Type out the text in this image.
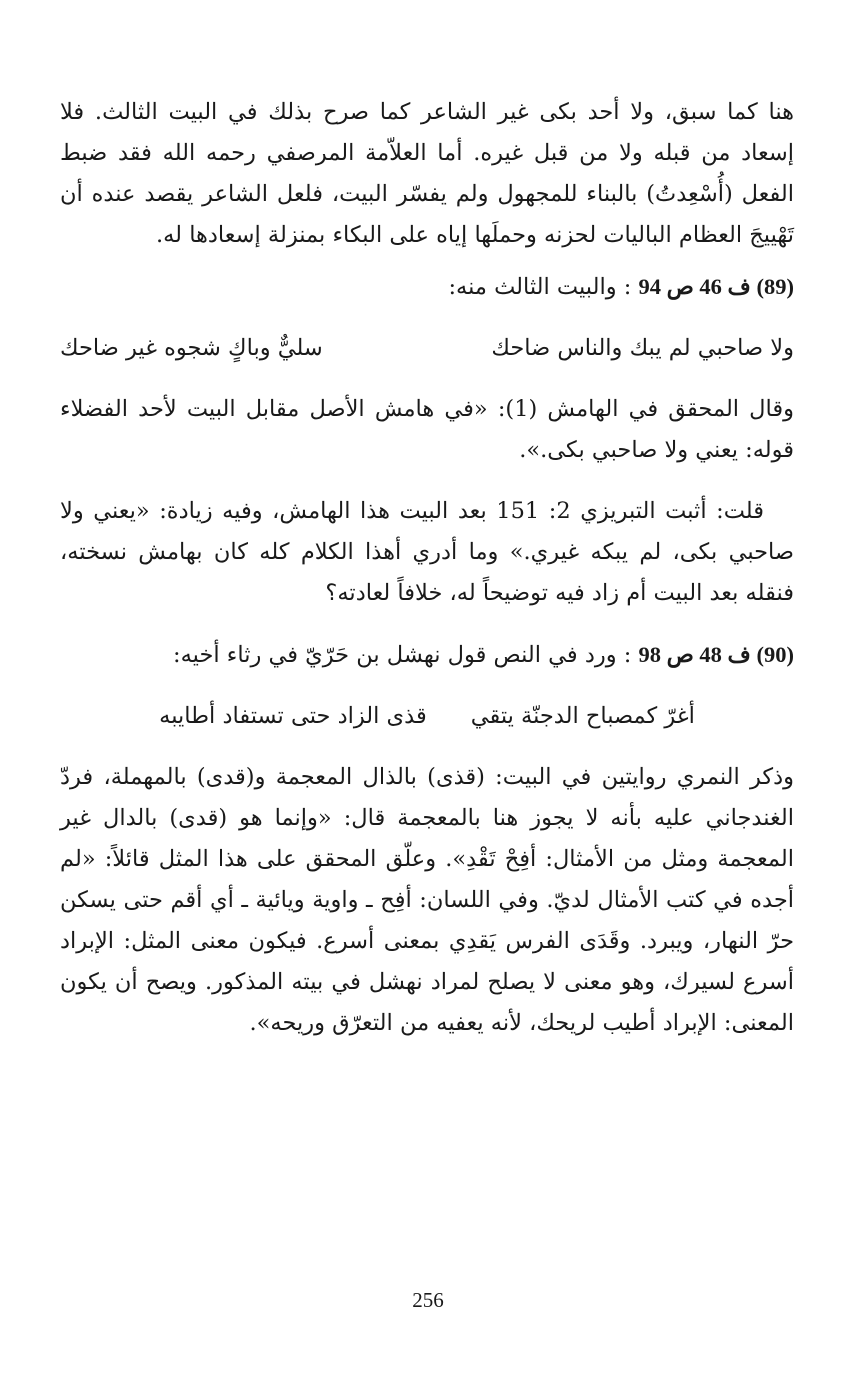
هنا كما سبق، ولا أحد بكى غير الشاعر كما صرح بذلك في البيت الثالث. فلا إسعاد من قبله ولا من قبل غيره. أما العلاّمة المرصفي رحمه الله فقد ضبط الفعل (أُسْعِدتُ) بالبناء للمجهول ولم يفسّر البيت، فلعل الشاعر يقصد عنده أن تَهْييجَ العظام الباليات لحزنه وحملَها إياه على البكاء بمنزلة إسعادها له.

(89) ف 46 ص 94 : والبيت الثالث منه:

ولا صاحبي لم يبك والناس ضاحك
سليٌّ وباكٍ شجوه غير ضاحك

وقال المحقق في الهامش (1): «في هامش الأصل مقابل البيت لأحد الفضلاء قوله: يعني ولا صاحبي بكى.».

قلت: أثبت التبريزي 2: 151 بعد البيت هذا الهامش، وفيه زيادة: «يعني ولا صاحبي بكى، لم يبكه غيري.» وما أدري أهذا الكلام كله كان بهامش نسخته، فنقله بعد البيت أم زاد فيه توضيحاً له، خلافاً لعادته؟

(90) ف 48 ص 98 : ورد في النص قول نهشل بن حَرّيّ في رثاء أخيه:

أغرّ كمصباح الدجنّة يتقي
قذى الزاد حتى تستفاد أطايبه

وذكر النمري روايتين في البيت: (قذى) بالذال المعجمة و(قدى) بالمهملة، فردّ الغندجاني عليه بأنه لا يجوز هنا بالمعجمة قال: «وإنما هو (قدى) بالدال غير المعجمة ومثل من الأمثال: أفِحْ تَقْدِ». وعلّق المحقق على هذا المثل قائلاً: «لم أجده في كتب الأمثال لديّ. وفي اللسان: أفِح ـ واوية ويائية ـ أي أقم حتى يسكن حرّ النهار، ويبرد. وقَدَى الفرس يَقدِي بمعنى أسرع. فيكون معنى المثل: الإبراد أسرع لسيرك، وهو معنى لا يصلح لمراد نهشل في بيته المذكور. ويصح أن يكون المعنى: الإبراد أطيب لريحك، لأنه يعفيه من التعرّق وريحه».

256
